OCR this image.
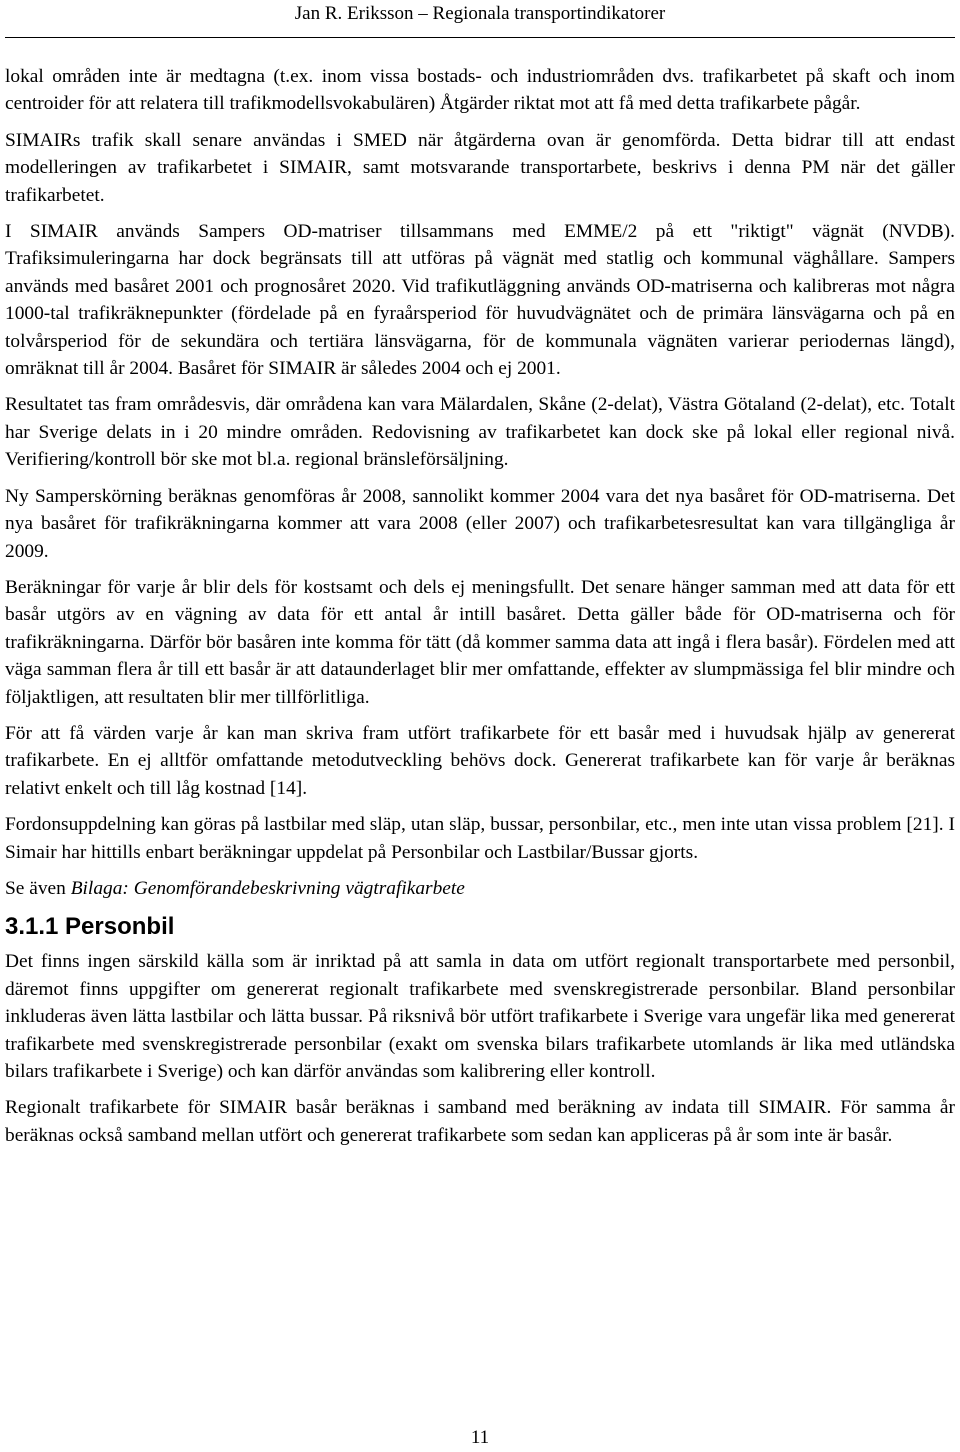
Jan R. Eriksson – Regionala transportindikatorer

lokal områden inte är medtagna (t.ex. inom vissa bostads- och industriområden dvs. trafikarbetet på skaft och inom centroider för att relatera till trafikmodellsvokabulären) Åtgärder riktat mot att få med detta trafikarbete pågår.

SIMAIRs trafik skall senare användas i SMED när åtgärderna ovan är genomförda. Detta bidrar till att endast modelleringen av trafikarbetet i SIMAIR, samt motsvarande transportarbete, beskrivs i denna PM när det gäller trafikarbetet.

I SIMAIR används Sampers OD-matriser tillsammans med EMME/2 på ett "riktigt" vägnät (NVDB). Trafiksimuleringarna har dock begränsats till att utföras på vägnät med statlig och kommunal väghållare. Sampers används med basåret 2001 och prognosåret 2020. Vid trafikutläggning används OD-matriserna och kalibreras mot några 1000-tal trafikräknepunkter (fördelade på en fyraårsperiod för huvudvägnätet och de primära länsvägarna och på en tolvårsperiod för de sekundära och tertiära länsvägarna, för de kommunala vägnäten varierar periodernas längd), omräknat till år 2004. Basåret för SIMAIR är således 2004 och ej 2001.

Resultatet tas fram områdesvis, där områdena kan vara Mälardalen, Skåne (2-delat), Västra Götaland (2-delat), etc. Totalt har Sverige delats in i 20 mindre områden. Redovisning av trafikarbetet kan dock ske på lokal eller regional nivå. Verifiering/kontroll bör ske mot bl.a. regional bränsleförsäljning.

Ny Samperskörning beräknas genomföras år 2008, sannolikt kommer 2004 vara det nya basåret för OD-matriserna. Det nya basåret för trafikräkningarna kommer att vara 2008 (eller 2007) och trafikarbetesresultat kan vara tillgängliga år 2009.

Beräkningar för varje år blir dels för kostsamt och dels ej meningsfullt. Det senare hänger samman med att data för ett basår utgörs av en vägning av data för ett antal år intill basåret. Detta gäller både för OD-matriserna och för trafikräkningarna. Därför bör basåren inte komma för tätt (då kommer samma data att ingå i flera basår). Fördelen med att väga samman flera år till ett basår är att dataunderlaget blir mer omfattande, effekter av slumpmässiga fel blir mindre och följaktligen, att resultaten blir mer tillförlitliga.

För att få värden varje år kan man skriva fram utfört trafikarbete för ett basår med i huvudsak hjälp av genererat trafikarbete. En ej alltför omfattande metodutveckling behövs dock. Genererat trafikarbete kan för varje år beräknas relativt enkelt och till låg kostnad [14].

Fordonsuppdelning kan göras på lastbilar med släp, utan släp, bussar, personbilar, etc., men inte utan vissa problem [21]. I Simair har hittills enbart beräkningar uppdelat på Personbilar och Lastbilar/Bussar gjorts.

Se även Bilaga: Genomförandebeskrivning vägtrafikarbete

3.1.1 Personbil

Det finns ingen särskild källa som är inriktad på att samla in data om utfört regionalt transportarbete med personbil, däremot finns uppgifter om genererat regionalt trafikarbete med svenskregistrerade personbilar. Bland personbilar inkluderas även lätta lastbilar och lätta bussar. På riksnivå bör utfört trafikarbete i Sverige vara ungefär lika med genererat trafikarbete med svenskregistrerade personbilar (exakt om svenska bilars trafikarbete utomlands är lika med utländska bilars trafikarbete i Sverige) och kan därför användas som kalibrering eller kontroll.

Regionalt trafikarbete för SIMAIR basår beräknas i samband med beräkning av indata till SIMAIR. För samma år beräknas också samband mellan utfört och genererat trafikarbete som sedan kan appliceras på år som inte är basår.

11
